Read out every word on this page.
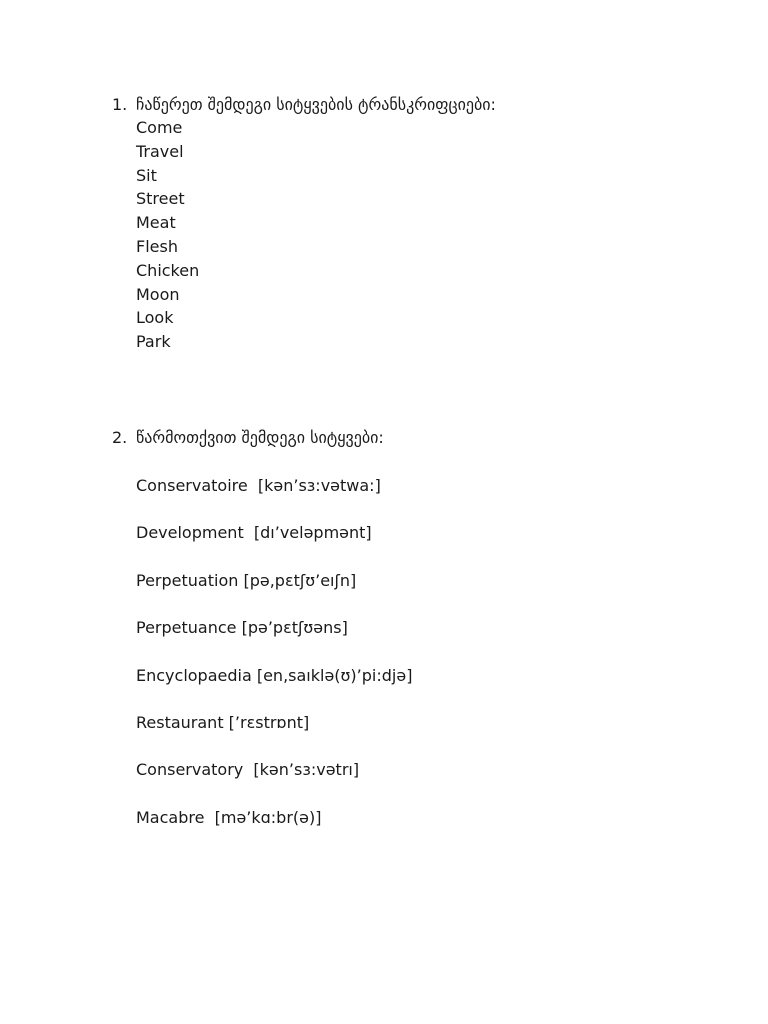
1. ჩაწერეთ შემდეგი სიტყვების ტრანსკრიფციები:
Come
Travel
Sit
Street
Meat
Flesh
Chicken
Moon
Look
Park
2. წარმოთქვით შემდეგი სიტყვები:
Conservatoire  [kən’sɜ:vətwa:]
Development  [dı’veləpmənt]
Perpetuation [pə,pɛtʃʊ’eıʃn]
Perpetuance [pə’pɛtʃʊəns]
Encyclopaedia [en,saıklə(ʊ)’pi:djə]
Restaurant [’rɛstrɒnt]
Conservatory  [kən’sɜ:vətrı]
Macabre  [mə’kɑ:br(ə)]
